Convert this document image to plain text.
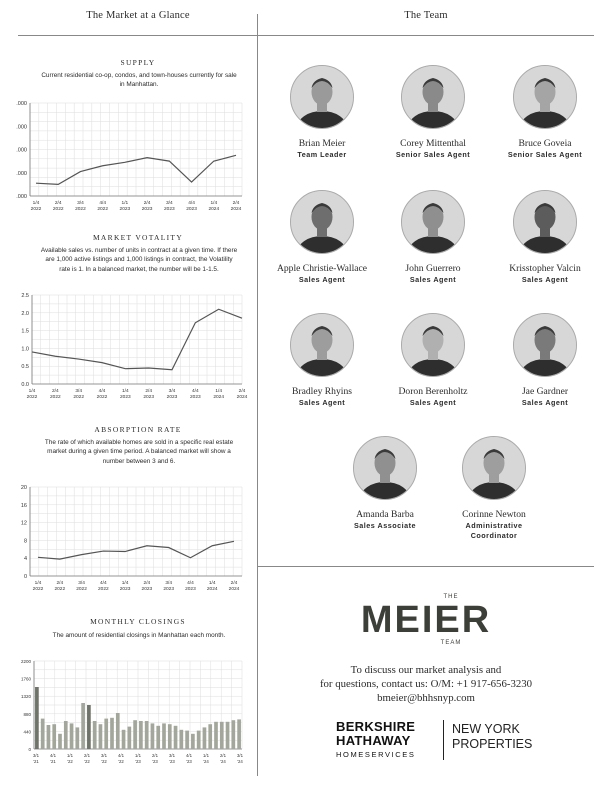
The Market at a Glance	The Team
SUPPLY
Current residential co-op, condos, and town-houses currently for sale in Manhattan.
.000
.000
.000
.000
.000
1/4
2022
2/4
2022
3/4
2022
4/4
2022
1/1
2023
2/4
2023
3/4
2023
4/4
2023
1/4
2024
2/4
2024
MARKET VOTALITY
Available sales vs. number of units in contract at a given time. If there are 1,000 active listings and 1,000 listings in contract, the Volatility rate is 1. In a balanced market, the number will be 1-1.5.
0.0
0.5
1.0
1.5
2.0
2.5
1/4
2022
2/4
2022
3/4
2022
4/4
2022
1/4
2023
2/4
2023
3/4
2023
4/4
2023
1/4
2024
2/4
2024
ABSORPTION RATE
The rate of which available homes are sold in a specific real estate market during a given time period. A balanced market will show a number between 3 and 6.
0
4
8
12
16
20
1/4
2022
2/4
2022
3/4
2022
4/4
2022
1/4
2023
2/4
2023
3/4
2023
4/4
2023
1/4
2024
2/4
2024
MONTHLY CLOSINGS
The amount of residential closings in Manhattan each month.
0
440
880
1320
1760
2200
3/1
'21
4/1
'21
1/1
'22
2/1
'22
3/1
'22
4/1
'22
1/1
'23
2/1
'23
3/1
'23
4/1
'23
1/1
'24
2/1
'24
3/1
'24
Brian Meier
Team Leader
Corey Mittenthal
Senior Sales Agent
Bruce Goveia
Senior Sales Agent
Apple Christie-Wallace
Sales Agent
John Guerrero
Sales Agent
Krisstopher Valcin
Sales Agent
Bradley Rhyins
Sales Agent
Doron Berenholtz
Sales Agent
Jae Gardner
Sales Agent
Amanda Barba
Sales Associate
Corinne Newton
Administrative Coordinator
THE
MEIER
TEAM
To discuss our market analysis and
for questions, contact us: O/M: +1 917-656-3230
bmeier@bhhsnyp.com
BERKSHIRE
HATHAWAY
HOMESERVICES
NEW YORK
PROPERTIES
